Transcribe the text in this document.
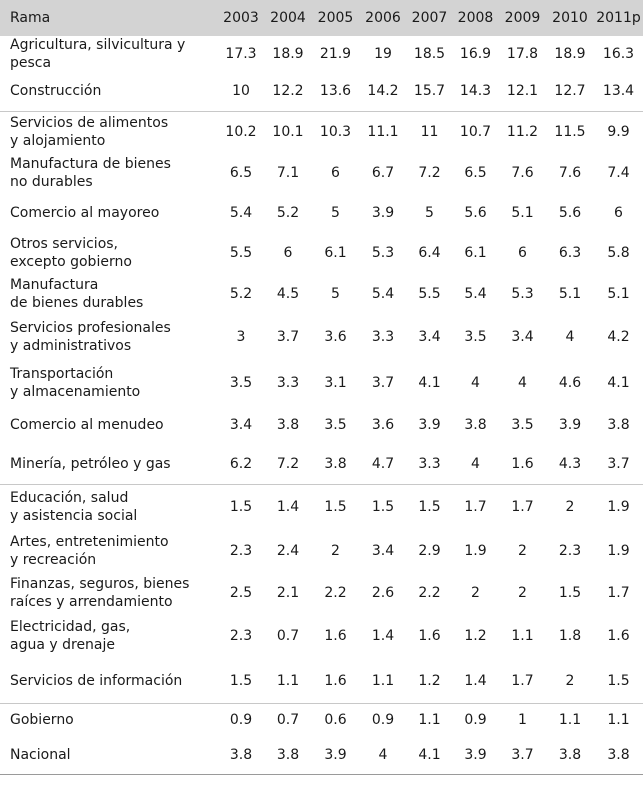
Rama	2003	2004	2005	2006	2007	2008	2009	2010	2011p

Agricultura, silvicultura y pesca	17.3	18.9	21.9	19	18.5	16.9	17.8	18.9	16.3

Construcción	10	12.2	13.6	14.2	15.7	14.3	12.1	12.7	13.4

Servicios de alimentos
y alojamiento	10.2	10.1	10.3	11.1	11	10.7	11.2	11.5	9.9

Manufactura de bienes
no durables	6.5	7.1	6	6.7	7.2	6.5	7.6	7.6	7.4

Comercio al mayoreo	5.4	5.2	5	3.9	5	5.6	5.1	5.6	6

Otros servicios,
excepto gobierno	5.5	6	6.1	5.3	6.4	6.1	6	6.3	5.8

Manufactura
de bienes durables	5.2	4.5	5	5.4	5.5	5.4	5.3	5.1	5.1

Servicios profesionales
y administrativos	3	3.7	3.6	3.3	3.4	3.5	3.4	4	4.2

Transportación
y almacenamiento	3.5	3.3	3.1	3.7	4.1	4	4	4.6	4.1

Comercio al menudeo	3.4	3.8	3.5	3.6	3.9	3.8	3.5	3.9	3.8

Minería, petróleo y gas	6.2	7.2	3.8	4.7	3.3	4	1.6	4.3	3.7

Educación, salud
y asistencia social	1.5	1.4	1.5	1.5	1.5	1.7	1.7	2	1.9

Artes, entretenimiento
y recreación	2.3	2.4	2	3.4	2.9	1.9	2	2.3	1.9

Finanzas, seguros, bienes
raíces y arrendamiento	2.5	2.1	2.2	2.6	2.2	2	2	1.5	1.7

Electricidad, gas,
agua y drenaje	2.3	0.7	1.6	1.4	1.6	1.2	1.1	1.8	1.6

Servicios de información	1.5	1.1	1.6	1.1	1.2	1.4	1.7	2	1.5

Gobierno	0.9	0.7	0.6	0.9	1.1	0.9	1	1.1	1.1

Nacional	3.8	3.8	3.9	4	4.1	3.9	3.7	3.8	3.8
